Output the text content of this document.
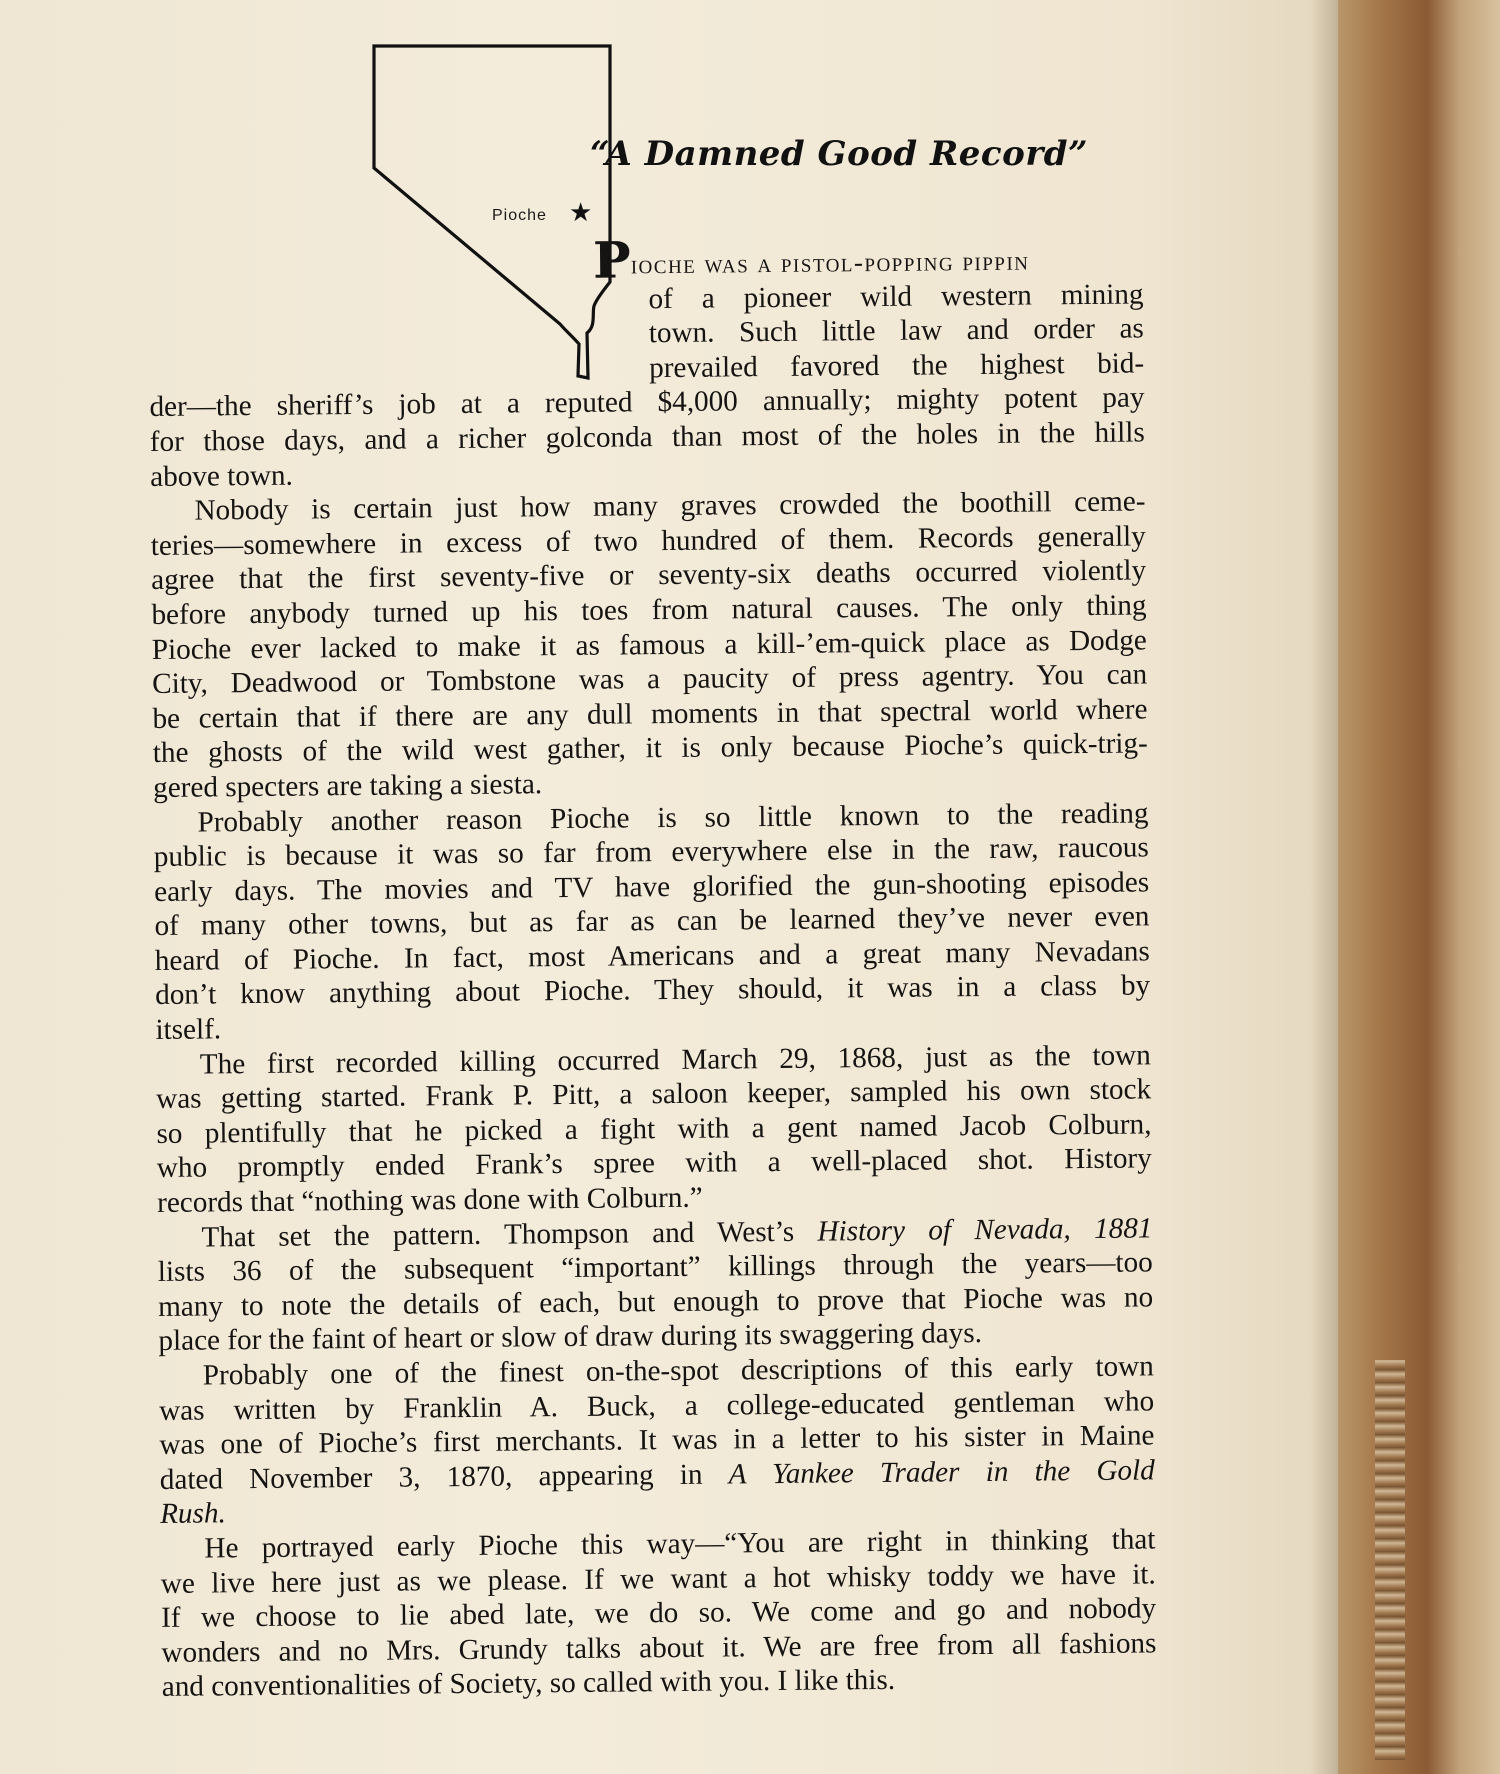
Pioche ★
“A Damned Good Record”
Pioche was a pistol-popping pippin
of a pioneer wild western mining
town. Such little law and order as
prevailed favored the highest bid-
der—the sheriff’s job at a reputed $4,000 annually; mighty potent pay
for those days, and a richer golconda than most of the holes in the hills
above town.
Nobody is certain just how many graves crowded the boothill ceme-
teries—somewhere in excess of two hundred of them. Records generally
agree that the first seventy-five or seventy-six deaths occurred violently
before anybody turned up his toes from natural causes. The only thing
Pioche ever lacked to make it as famous a kill-’em-quick place as Dodge
City, Deadwood or Tombstone was a paucity of press agentry. You can
be certain that if there are any dull moments in that spectral world where
the ghosts of the wild west gather, it is only because Pioche’s quick-trig-
gered specters are taking a siesta.
Probably another reason Pioche is so little known to the reading
public is because it was so far from everywhere else in the raw, raucous
early days. The movies and TV have glorified the gun-shooting episodes
of many other towns, but as far as can be learned they’ve never even
heard of Pioche. In fact, most Americans and a great many Nevadans
don’t know anything about Pioche. They should, it was in a class by
itself.
The first recorded killing occurred March 29, 1868, just as the town
was getting started. Frank P. Pitt, a saloon keeper, sampled his own stock
so plentifully that he picked a fight with a gent named Jacob Colburn,
who promptly ended Frank’s spree with a well-placed shot. History
records that “nothing was done with Colburn.”
That set the pattern. Thompson and West’s History of Nevada, 1881
lists 36 of the subsequent “important” killings through the years—too
many to note the details of each, but enough to prove that Pioche was no
place for the faint of heart or slow of draw during its swaggering days.
Probably one of the finest on-the-spot descriptions of this early town
was written by Franklin A. Buck, a college-educated gentleman who
was one of Pioche’s first merchants. It was in a letter to his sister in Maine
dated November 3, 1870, appearing in A Yankee Trader in the Gold
Rush.
He portrayed early Pioche this way—“You are right in thinking that
we live here just as we please. If we want a hot whisky toddy we have it.
If we choose to lie abed late, we do so. We come and go and nobody
wonders and no Mrs. Grundy talks about it. We are free from all fashions
and conventionalities of Society, so called with you. I like this.
